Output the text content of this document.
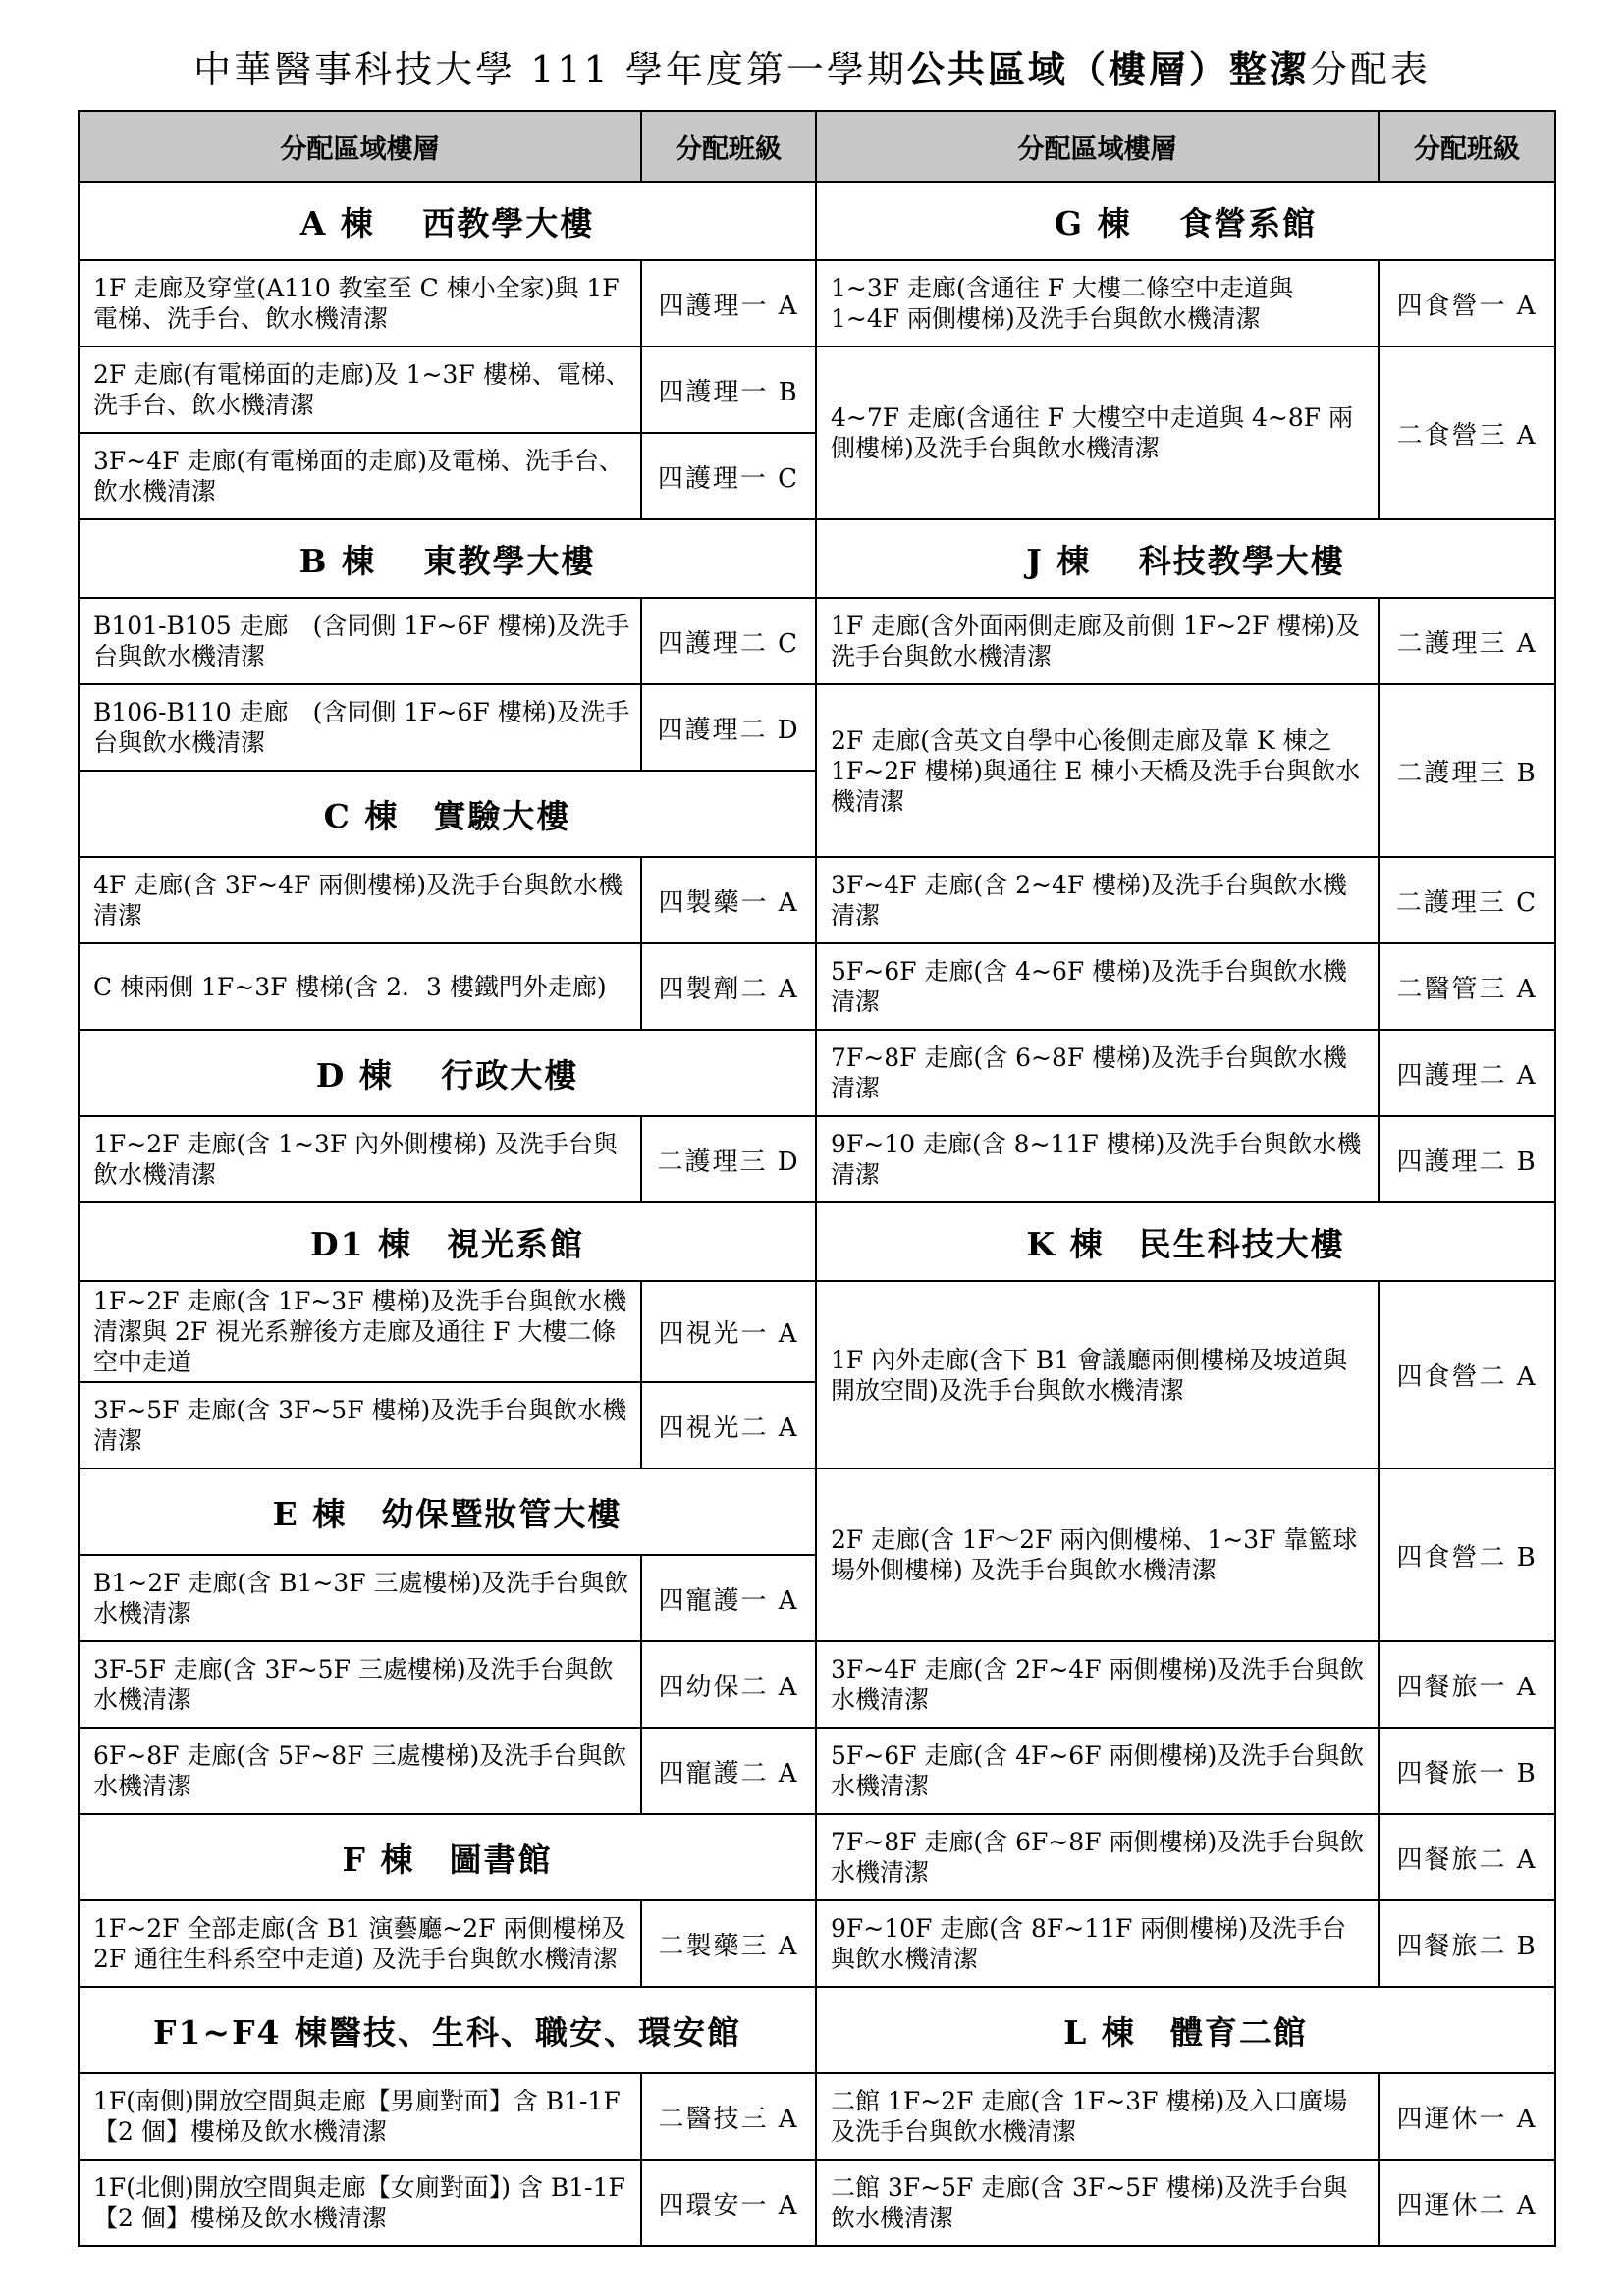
中華醫事科技大學 111 學年度第一學期公共區域（樓層）整潔分配表
分配區域樓層	分配班級	分配區域樓層	分配班級
A 棟　 西教學大樓		G 棟　 食營系館	
1F 走廊及穿堂(A110 教室至 C 棟小全家)與 1F 電梯、洗手台、飲水機清潔	四護理一 A	1~3F 走廊(含通往 F 大樓二條空中走道與 1~4F 兩側樓梯)及洗手台與飲水機清潔	四食營一 A
2F 走廊(有電梯面的走廊)及 1~3F 樓梯、電梯、洗手台、飲水機清潔	四護理一 B	4~7F 走廊(含通往 F 大樓空中走道與 4~8F 兩側樓梯)及洗手台與飲水機清潔	二食營三 A
3F~4F 走廊(有電梯面的走廊)及電梯、洗手台、飲水機清潔	四護理一 C		
B 棟　 東教學大樓		J 棟　 科技教學大樓	
B101-B105 走廊　(含同側 1F~6F 樓梯)及洗手台與飲水機清潔	四護理二 C	1F 走廊(含外面兩側走廊及前側 1F~2F 樓梯)及洗手台與飲水機清潔	二護理三 A
B106-B110 走廊　(含同側 1F~6F 樓梯)及洗手台與飲水機清潔	四護理二 D	2F 走廊(含英文自學中心後側走廊及靠 K 棟之 1F~2F 樓梯)與通往 E 棟小天橋及洗手台與飲水機清潔	二護理三 B
C 棟　實驗大樓			
4F 走廊(含 3F~4F 兩側樓梯)及洗手台與飲水機清潔	四製藥一 A	3F~4F 走廊(含 2~4F 樓梯)及洗手台與飲水機清潔	二護理三 C
C 棟兩側 1F~3F 樓梯(含 2．3 樓鐵門外走廊)	四製劑二 A	5F~6F 走廊(含 4~6F 樓梯)及洗手台與飲水機清潔	二醫管三 A
D 棟　 行政大樓		7F~8F 走廊(含 6~8F 樓梯)及洗手台與飲水機清潔	四護理二 A
1F~2F 走廊(含 1~3F 內外側樓梯) 及洗手台與飲水機清潔	二護理三 D	9F~10 走廊(含 8~11F 樓梯)及洗手台與飲水機清潔	四護理二 B
D1 棟　視光系館		K 棟　民生科技大樓	
1F~2F 走廊(含 1F~3F 樓梯)及洗手台與飲水機清潔與 2F 視光系辦後方走廊及通往 F 大樓二條空中走道	四視光一 A	1F 內外走廊(含下 B1 會議廳兩側樓梯及坡道與開放空間)及洗手台與飲水機清潔	四食營二 A
3F~5F 走廊(含 3F~5F 樓梯)及洗手台與飲水機清潔	四視光二 A		
E 棟　幼保暨妝管大樓		2F 走廊(含 1F～2F 兩內側樓梯、1~3F 靠籃球場外側樓梯) 及洗手台與飲水機清潔	四食營二 B
B1~2F 走廊(含 B1~3F 三處樓梯)及洗手台與飲水機清潔	四寵護一 A		
3F-5F 走廊(含 3F~5F 三處樓梯)及洗手台與飲水機清潔	四幼保二 A	3F~4F 走廊(含 2F~4F 兩側樓梯)及洗手台與飲水機清潔	四餐旅一 A
6F~8F 走廊(含 5F~8F 三處樓梯)及洗手台與飲水機清潔	四寵護二 A	5F~6F 走廊(含 4F~6F 兩側樓梯)及洗手台與飲水機清潔	四餐旅一 B
F 棟　圖書館		7F~8F 走廊(含 6F~8F 兩側樓梯)及洗手台與飲水機清潔	四餐旅二 A
1F~2F 全部走廊(含 B1 演藝廳~2F 兩側樓梯及 2F 通往生科系空中走道) 及洗手台與飲水機清潔	二製藥三 A	9F~10F 走廊(含 8F~11F 兩側樓梯)及洗手台與飲水機清潔	四餐旅二 B
F1~F4 棟醫技、生科、職安、環安館		L 棟　體育二館	
1F(南側)開放空間與走廊【男廁對面】含 B1-1F【2 個】樓梯及飲水機清潔	二醫技三 A	二館 1F~2F 走廊(含 1F~3F 樓梯)及入口廣場及洗手台與飲水機清潔	四運休一 A
1F(北側)開放空間與走廊【女廁對面】) 含 B1-1F【2 個】樓梯及飲水機清潔	四環安一 A	二館 3F~5F 走廊(含 3F~5F 樓梯)及洗手台與飲水機清潔	四運休二 A
